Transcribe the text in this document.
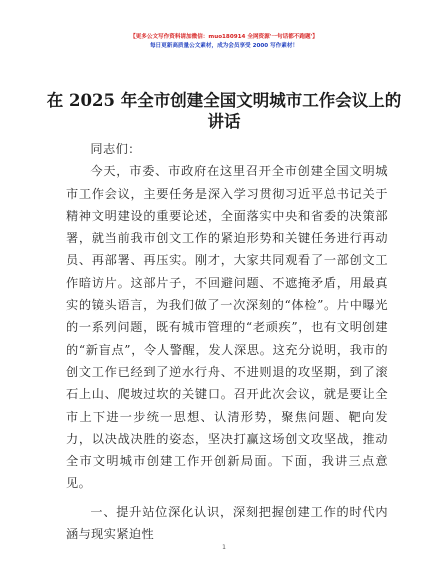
【更多公文写作资料请加微信：muo180914 全网资源'一句话都不跑题'】
每日更新高质量公文素材，成为会员享受 2000 写作素材！
在 2025 年全市创建全国文明城市工作会议上的讲话

同志们：

今天，市委、市政府在这里召开全市创建全国文明城市工作会议，主要任务是深入学习贯彻习近平总书记关于精神文明建设的重要论述，全面落实中央和省委的决策部署，就当前我市创文工作的紧迫形势和关键任务进行再动员、再部署、再压实。刚才，大家共同观看了一部创文工作暗访片。这部片子，不回避问题、不遮掩矛盾，用最真实的镜头语言，为我们做了一次深刻的“体检”。片中曝光的一系列问题，既有城市管理的“老顽疾”，也有文明创建的“新盲点”，令人警醒，发人深思。这充分说明，我市的创文工作已经到了逆水行舟、不进则退的攻坚期，到了滚石上山、爬坡过坎的关键口。召开此次会议，就是要让全市上下进一步统一思想、认清形势，聚焦问题、靶向发力，以决战决胜的姿态，坚决打赢这场创文攻坚战，推动全市文明城市创建工作开创新局面。下面，我讲三点意见。

一、提升站位深化认识，深刻把握创建工作的时代内涵与现实紧迫性

1
